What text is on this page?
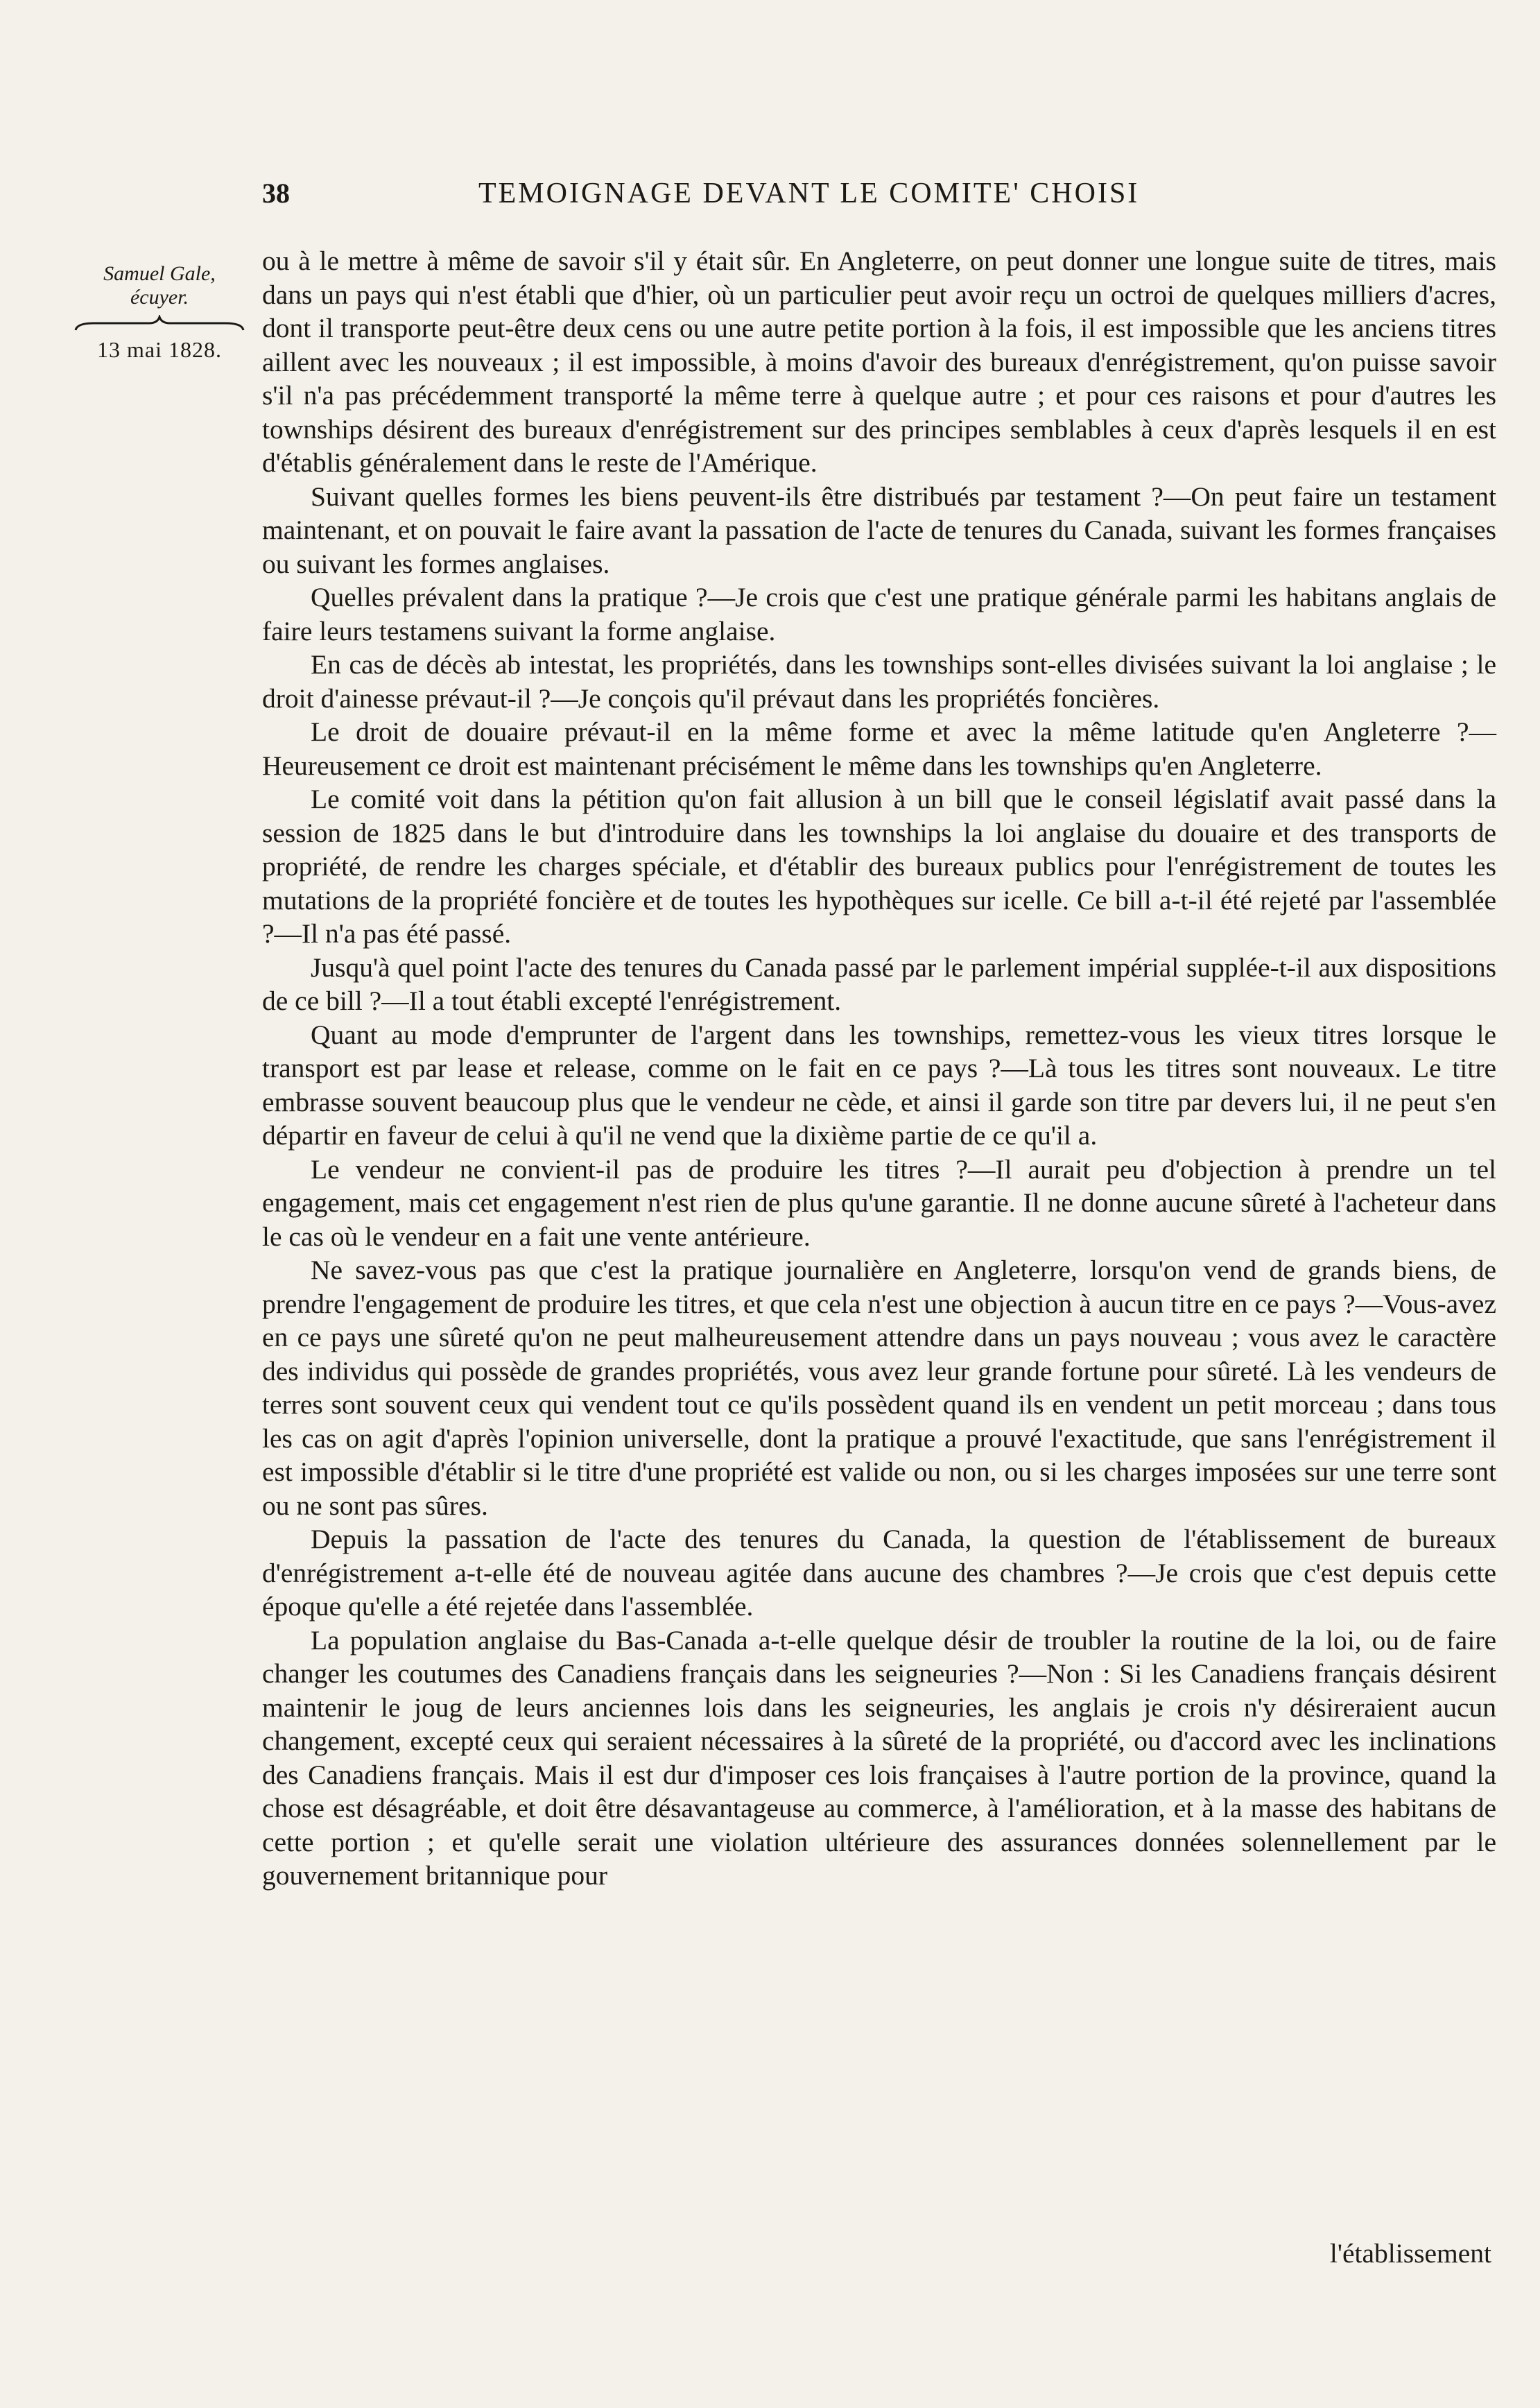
38	TEMOIGNAGE DEVANT LE COMITE' CHOISI
Samuel Gale,
écuyer.
13 mai 1828.

ou à le mettre à même de savoir s'il y était sûr. En Angleterre, on peut donner une longue suite de titres, mais dans un pays qui n'est établi que d'hier, où un particulier peut avoir reçu un octroi de quelques milliers d'acres, dont il transporte peut-être deux cens ou une autre petite portion à la fois, il est impossible que les anciens titres aillent avec les nouveaux ; il est impossible, à moins d'avoir des bureaux d'enrégistrement, qu'on puisse savoir s'il n'a pas précédemment transporté la même terre à quelque autre ; et pour ces raisons et pour d'autres les townships désirent des bureaux d'enrégistrement sur des principes semblables à ceux d'après lesquels il en est d'établis généralement dans le reste de l'Amérique.

Suivant quelles formes les biens peuvent-ils être distribués par testament ?—On peut faire un testament maintenant, et on pouvait le faire avant la passation de l'acte de tenures du Canada, suivant les formes françaises ou suivant les formes anglaises.

Quelles prévalent dans la pratique ?—Je crois que c'est une pratique générale parmi les habitans anglais de faire leurs testamens suivant la forme anglaise.

En cas de décès ab intestat, les propriétés, dans les townships sont-elles divisées suivant la loi anglaise ; le droit d'ainesse prévaut-il ?—Je conçois qu'il prévaut dans les propriétés foncières.

Le droit de douaire prévaut-il en la même forme et avec la même latitude qu'en Angleterre ?—Heureusement ce droit est maintenant précisément le même dans les townships qu'en Angleterre.

Le comité voit dans la pétition qu'on fait allusion à un bill que le conseil législatif avait passé dans la session de 1825 dans le but d'introduire dans les townships la loi anglaise du douaire et des transports de propriété, de rendre les charges spéciale, et d'établir des bureaux publics pour l'enrégistrement de toutes les mutations de la propriété foncière et de toutes les hypothèques sur icelle. Ce bill a-t-il été rejeté par l'assemblée ?—Il n'a pas été passé.

Jusqu'à quel point l'acte des tenures du Canada passé par le parlement impérial supplée-t-il aux dispositions de ce bill ?—Il a tout établi excepté l'enrégistrement.

Quant au mode d'emprunter de l'argent dans les townships, remettez-vous les vieux titres lorsque le transport est par lease et release, comme on le fait en ce pays ?—Là tous les titres sont nouveaux. Le titre embrasse souvent beaucoup plus que le vendeur ne cède, et ainsi il garde son titre par devers lui, il ne peut s'en départir en faveur de celui à qu'il ne vend que la dixième partie de ce qu'il a.

Le vendeur ne convient-il pas de produire les titres ?—Il aurait peu d'objection à prendre un tel engagement, mais cet engagement n'est rien de plus qu'une garantie. Il ne donne aucune sûreté à l'acheteur dans le cas où le vendeur en a fait une vente antérieure.

Ne savez-vous pas que c'est la pratique journalière en Angleterre, lorsqu'on vend de grands biens, de prendre l'engagement de produire les titres, et que cela n'est une objection à aucun titre en ce pays ?—Vous-avez en ce pays une sûreté qu'on ne peut malheureusement attendre dans un pays nouveau ; vous avez le caractère des individus qui possède de grandes propriétés, vous avez leur grande fortune pour sûreté. Là les vendeurs de terres sont souvent ceux qui vendent tout ce qu'ils possèdent quand ils en vendent un petit morceau ; dans tous les cas on agit d'après l'opinion universelle, dont la pratique a prouvé l'exactitude, que sans l'enrégistrement il est impossible d'établir si le titre d'une propriété est valide ou non, ou si les charges imposées sur une terre sont ou ne sont pas sûres.

Depuis la passation de l'acte des tenures du Canada, la question de l'établissement de bureaux d'enrégistrement a-t-elle été de nouveau agitée dans aucune des chambres ?—Je crois que c'est depuis cette époque qu'elle a été rejetée dans l'assemblée.

La population anglaise du Bas-Canada a-t-elle quelque désir de troubler la routine de la loi, ou de faire changer les coutumes des Canadiens français dans les seigneuries ?—Non : Si les Canadiens français désirent maintenir le joug de leurs anciennes lois dans les seigneuries, les anglais je crois n'y désireraient aucun changement, excepté ceux qui seraient nécessaires à la sûreté de la propriété, ou d'accord avec les inclinations des Canadiens français. Mais il est dur d'imposer ces lois françaises à l'autre portion de la province, quand la chose est désagréable, et doit être désavantageuse au commerce, à l'amélioration, et à la masse des habitans de cette portion ; et qu'elle serait une violation ultérieure des assurances données solennellement par le gouvernement britannique pour

l'établissement
